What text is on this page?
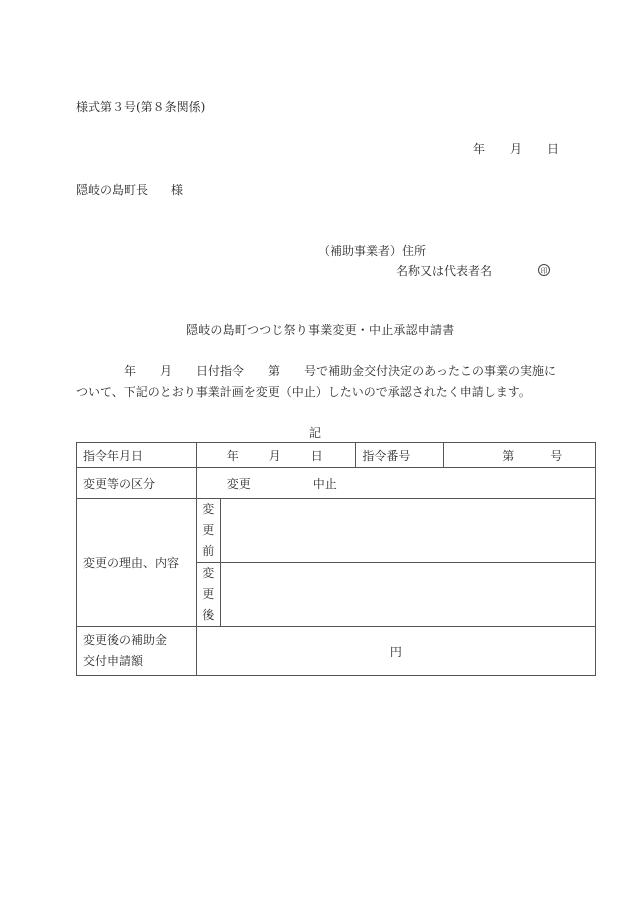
様式第３号(第８条関係)
年 月 日
隠岐の島町長 様
（補助事業者）住所
名称又は代表者名	印
隠岐の島町つつじ祭り事業変更・中止承認申請書
年 月 日付指令 第 号で補助金交付決定のあったこの事業の実施に
ついて、下記のとおり事業計画を変更（中止）したいので承認されたく申請します。
記
指令年月日	年 月 日		指令番号	第 号
変更等の区分	変更 中止			
変更の理由、内容	変
更
前			

	変
更
後			

変更後の補助金
交付申請額	円			
